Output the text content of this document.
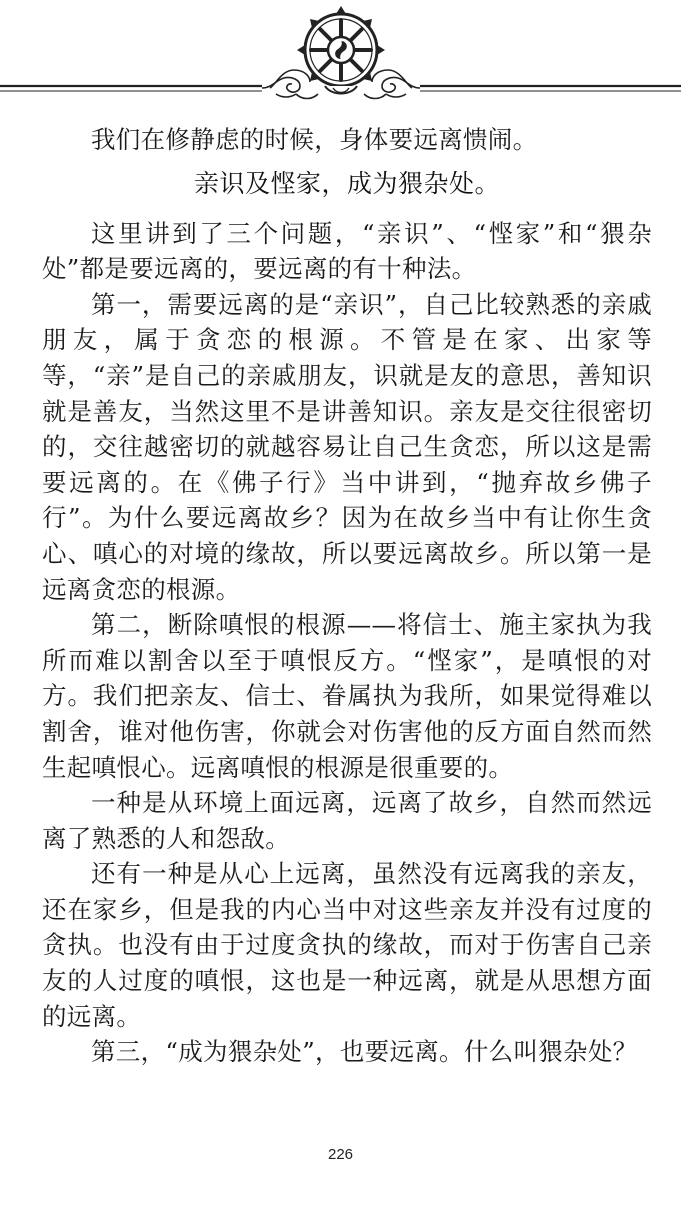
我们在修静虑的时候，身体要远离愦闹。

亲识及悭家，成为猥杂处。

这里讲到了三个问题，“亲识”、“悭家”和“猥杂处”都是要远离的，要远离的有十种法。

第一，需要远离的是“亲识”，自己比较熟悉的亲戚朋友，属于贪恋的根源。不管是在家、出家等等，“亲”是自己的亲戚朋友，识就是友的意思，善知识就是善友，当然这里不是讲善知识。亲友是交往很密切的，交往越密切的就越容易让自己生贪恋，所以这是需要远离的。在《佛子行》当中讲到，“抛弃故乡佛子行”。为什么要远离故乡？因为在故乡当中有让你生贪心、嗔心的对境的缘故，所以要远离故乡。所以第一是远离贪恋的根源。

第二，断除嗔恨的根源——将信士、施主家执为我所而难以割舍以至于嗔恨反方。“悭家”，是嗔恨的对方。我们把亲友、信士、眷属执为我所，如果觉得难以割舍，谁对他伤害，你就会对伤害他的反方面自然而然生起嗔恨心。远离嗔恨的根源是很重要的。

一种是从环境上面远离，远离了故乡，自然而然远离了熟悉的人和怨敌。

还有一种是从心上远离，虽然没有远离我的亲友，还在家乡，但是我的内心当中对这些亲友并没有过度的贪执。也没有由于过度贪执的缘故，而对于伤害自己亲友的人过度的嗔恨，这也是一种远离，就是从思想方面的远离。

第三，“成为猥杂处”，也要远离。什么叫猥杂处？

226
